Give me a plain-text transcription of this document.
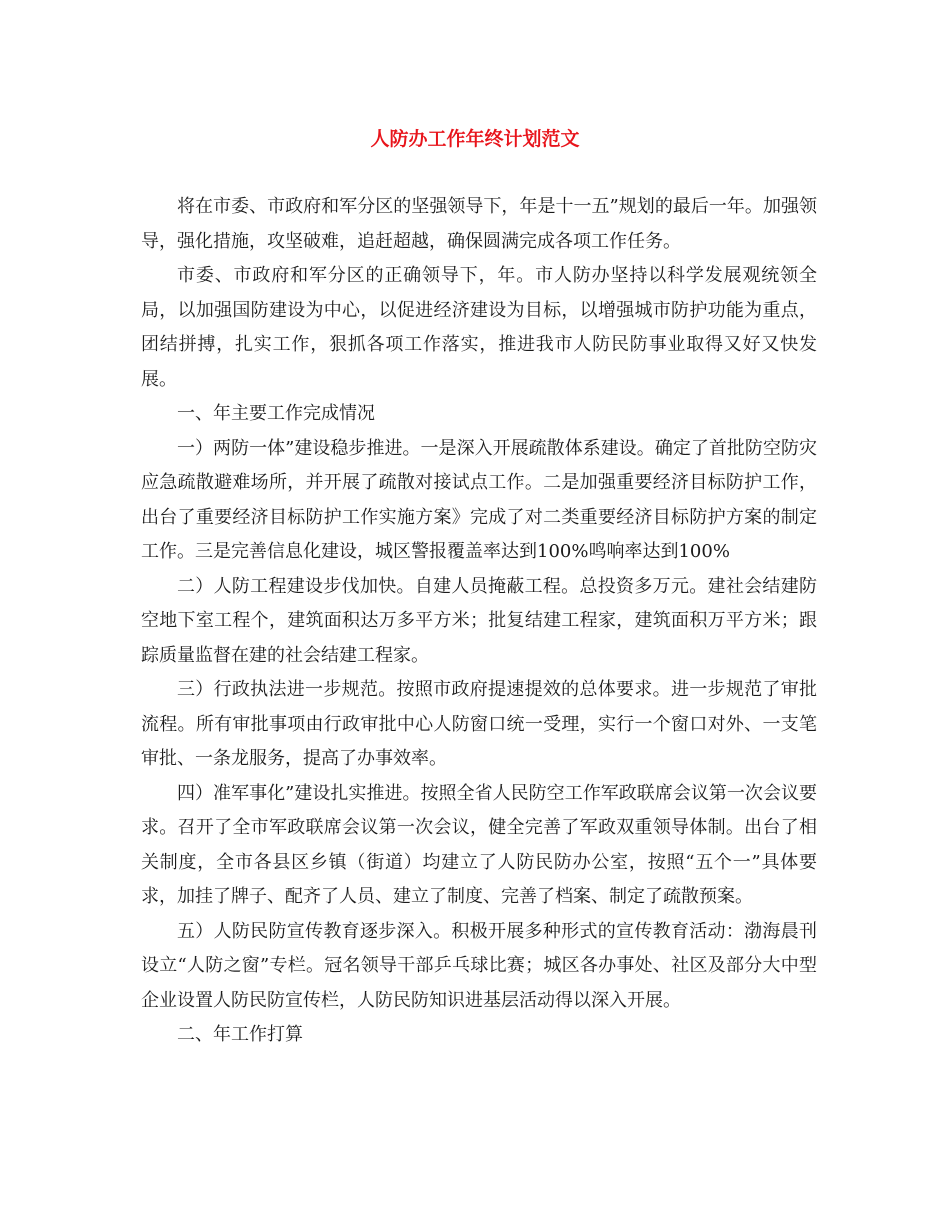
人防办工作年终计划范文

将在市委、市政府和军分区的坚强领导下，年是十一五”规划的最后一年。加强领导，强化措施，攻坚破难，追赶超越，确保圆满完成各项工作任务。

市委、市政府和军分区的正确领导下，年。市人防办坚持以科学发展观统领全局，以加强国防建设为中心，以促进经济建设为目标，以增强城市防护功能为重点，团结拼搏，扎实工作，狠抓各项工作落实，推进我市人防民防事业取得又好又快发展。

一、年主要工作完成情况

一）两防一体”建设稳步推进。一是深入开展疏散体系建设。确定了首批防空防灾应急疏散避难场所，并开展了疏散对接试点工作。二是加强重要经济目标防护工作，出台了重要经济目标防护工作实施方案》完成了对二类重要经济目标防护方案的制定工作。三是完善信息化建设，城区警报覆盖率达到100%鸣响率达到100%

二）人防工程建设步伐加快。自建人员掩蔽工程。总投资多万元。建社会结建防空地下室工程个，建筑面积达万多平方米；批复结建工程家，建筑面积万平方米；跟踪质量监督在建的社会结建工程家。

三）行政执法进一步规范。按照市政府提速提效的总体要求。进一步规范了审批流程。所有审批事项由行政审批中心人防窗口统一受理，实行一个窗口对外、一支笔审批、一条龙服务，提高了办事效率。

四）准军事化”建设扎实推进。按照全省人民防空工作军政联席会议第一次会议要求。召开了全市军政联席会议第一次会议，健全完善了军政双重领导体制。出台了相关制度，全市各县区乡镇（街道）均建立了人防民防办公室，按照“五个一”具体要求，加挂了牌子、配齐了人员、建立了制度、完善了档案、制定了疏散预案。

五）人防民防宣传教育逐步深入。积极开展多种形式的宣传教育活动：渤海晨刊设立“人防之窗”专栏。冠名领导干部乒乓球比赛；城区各办事处、社区及部分大中型企业设置人防民防宣传栏，人防民防知识进基层活动得以深入开展。

二、年工作打算
